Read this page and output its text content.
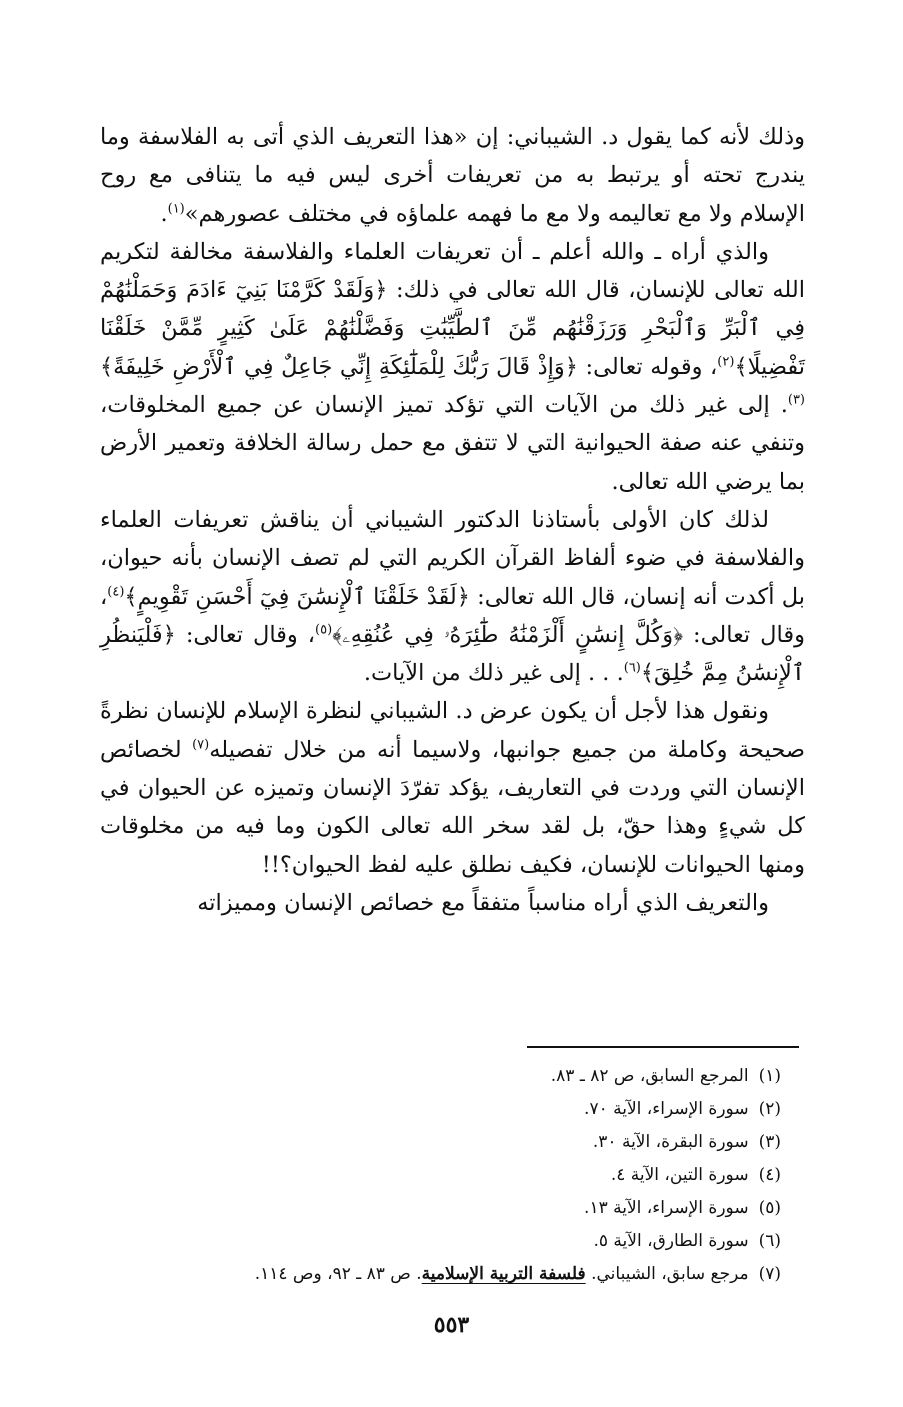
وذلك لأنه كما يقول د. الشيباني: إن «هذا التعريف الذي أتى به الفلاسفة وما يندرج تحته أو يرتبط به من تعريفات أخرى ليس فيه ما يتنافى مع روح الإسلام ولا مع تعاليمه ولا مع ما فهمه علماؤه في مختلف عصورهم»$^{(١)}$.

والذي أراه ـ والله أعلم ـ أن تعريفات العلماء والفلاسفة مخالفة لتكريم الله تعالى للإنسان، قال الله تعالى في ذلك: ﴿وَلَقَدْ كَرَّمْنَا بَنِيٓ ءَادَمَ وَحَمَلْنَٰهُمْ فِي ٱلْبَرِّ وَٱلْبَحْرِ وَرَزَقْنَٰهُم مِّنَ ٱلطَّيِّبَٰتِ وَفَضَّلْنَٰهُمْ عَلَىٰ كَثِيرٍ مِّمَّنْ خَلَقْنَا تَفْضِيلًا﴾$^{(٢)}$، وقوله تعالى: ﴿وَإِذْ قَالَ رَبُّكَ لِلْمَلَٰٓئِكَةِ إِنِّي جَاعِلٌ فِي ٱلْأَرْضِ خَلِيفَةً﴾$^{(٣)}$. إلى غير ذلك من الآيات التي تؤكد تميز الإنسان عن جميع المخلوقات، وتنفي عنه صفة الحيوانية التي لا تتفق مع حمل رسالة الخلافة وتعمير الأرض بما يرضي الله تعالى.

لذلك كان الأولى بأستاذنا الدكتور الشيباني أن يناقش تعريفات العلماء والفلاسفة في ضوء ألفاظ القرآن الكريم التي لم تصف الإنسان بأنه حيوان، بل أكدت أنه إنسان، قال الله تعالى: ﴿لَقَدْ خَلَقْنَا ٱلْإِنسَٰنَ فِيٓ أَحْسَنِ تَقْوِيمٍ﴾$^{(٤)}$، وقال تعالى: ﴿وَكُلَّ إِنسَٰنٍ أَلْزَمْنَٰهُ طَٰٓئِرَهُۥ فِي عُنُقِهِۦ﴾$^{(٥)}$، وقال تعالى: ﴿فَلْيَنظُرِ ٱلْإِنسَٰنُ مِمَّ خُلِقَ﴾$^{(٦)}$. . . إلى غير ذلك من الآيات.

ونقول هذا لأجل أن يكون عرض د. الشيباني لنظرة الإسلام للإنسان نظرةً صحيحة وكاملة من جميع جوانبها، ولاسيما أنه من خلال تفصيله$^{(٧)}$ لخصائص الإنسان التي وردت في التعاريف، يؤكد تفرّدَ الإنسان وتميزه عن الحيوان في كل شيءٍ وهذا حقّ، بل لقد سخر الله تعالى الكون وما فيه من مخلوقات ومنها الحيوانات للإنسان، فكيف نطلق عليه لفظ الحيوان؟!!

والتعريف الذي أراه مناسباً متفقاً مع خصائص الإنسان ومميزاته

(١)المرجع السابق، ص ٨٢ ـ ٨٣.
(٢)سورة الإسراء، الآية ٧٠.
(٣)سورة البقرة، الآية ٣٠.
(٤)سورة التين، الآية ٤.
(٥)سورة الإسراء، الآية ١٣.
(٦)سورة الطارق، الآية ٥.
(٧)مرجع سابق، الشيباني. فلسفة التربية الإسلامية. ص ٨٣ ـ ٩٢، وص ١١٤.
٥٥٣
